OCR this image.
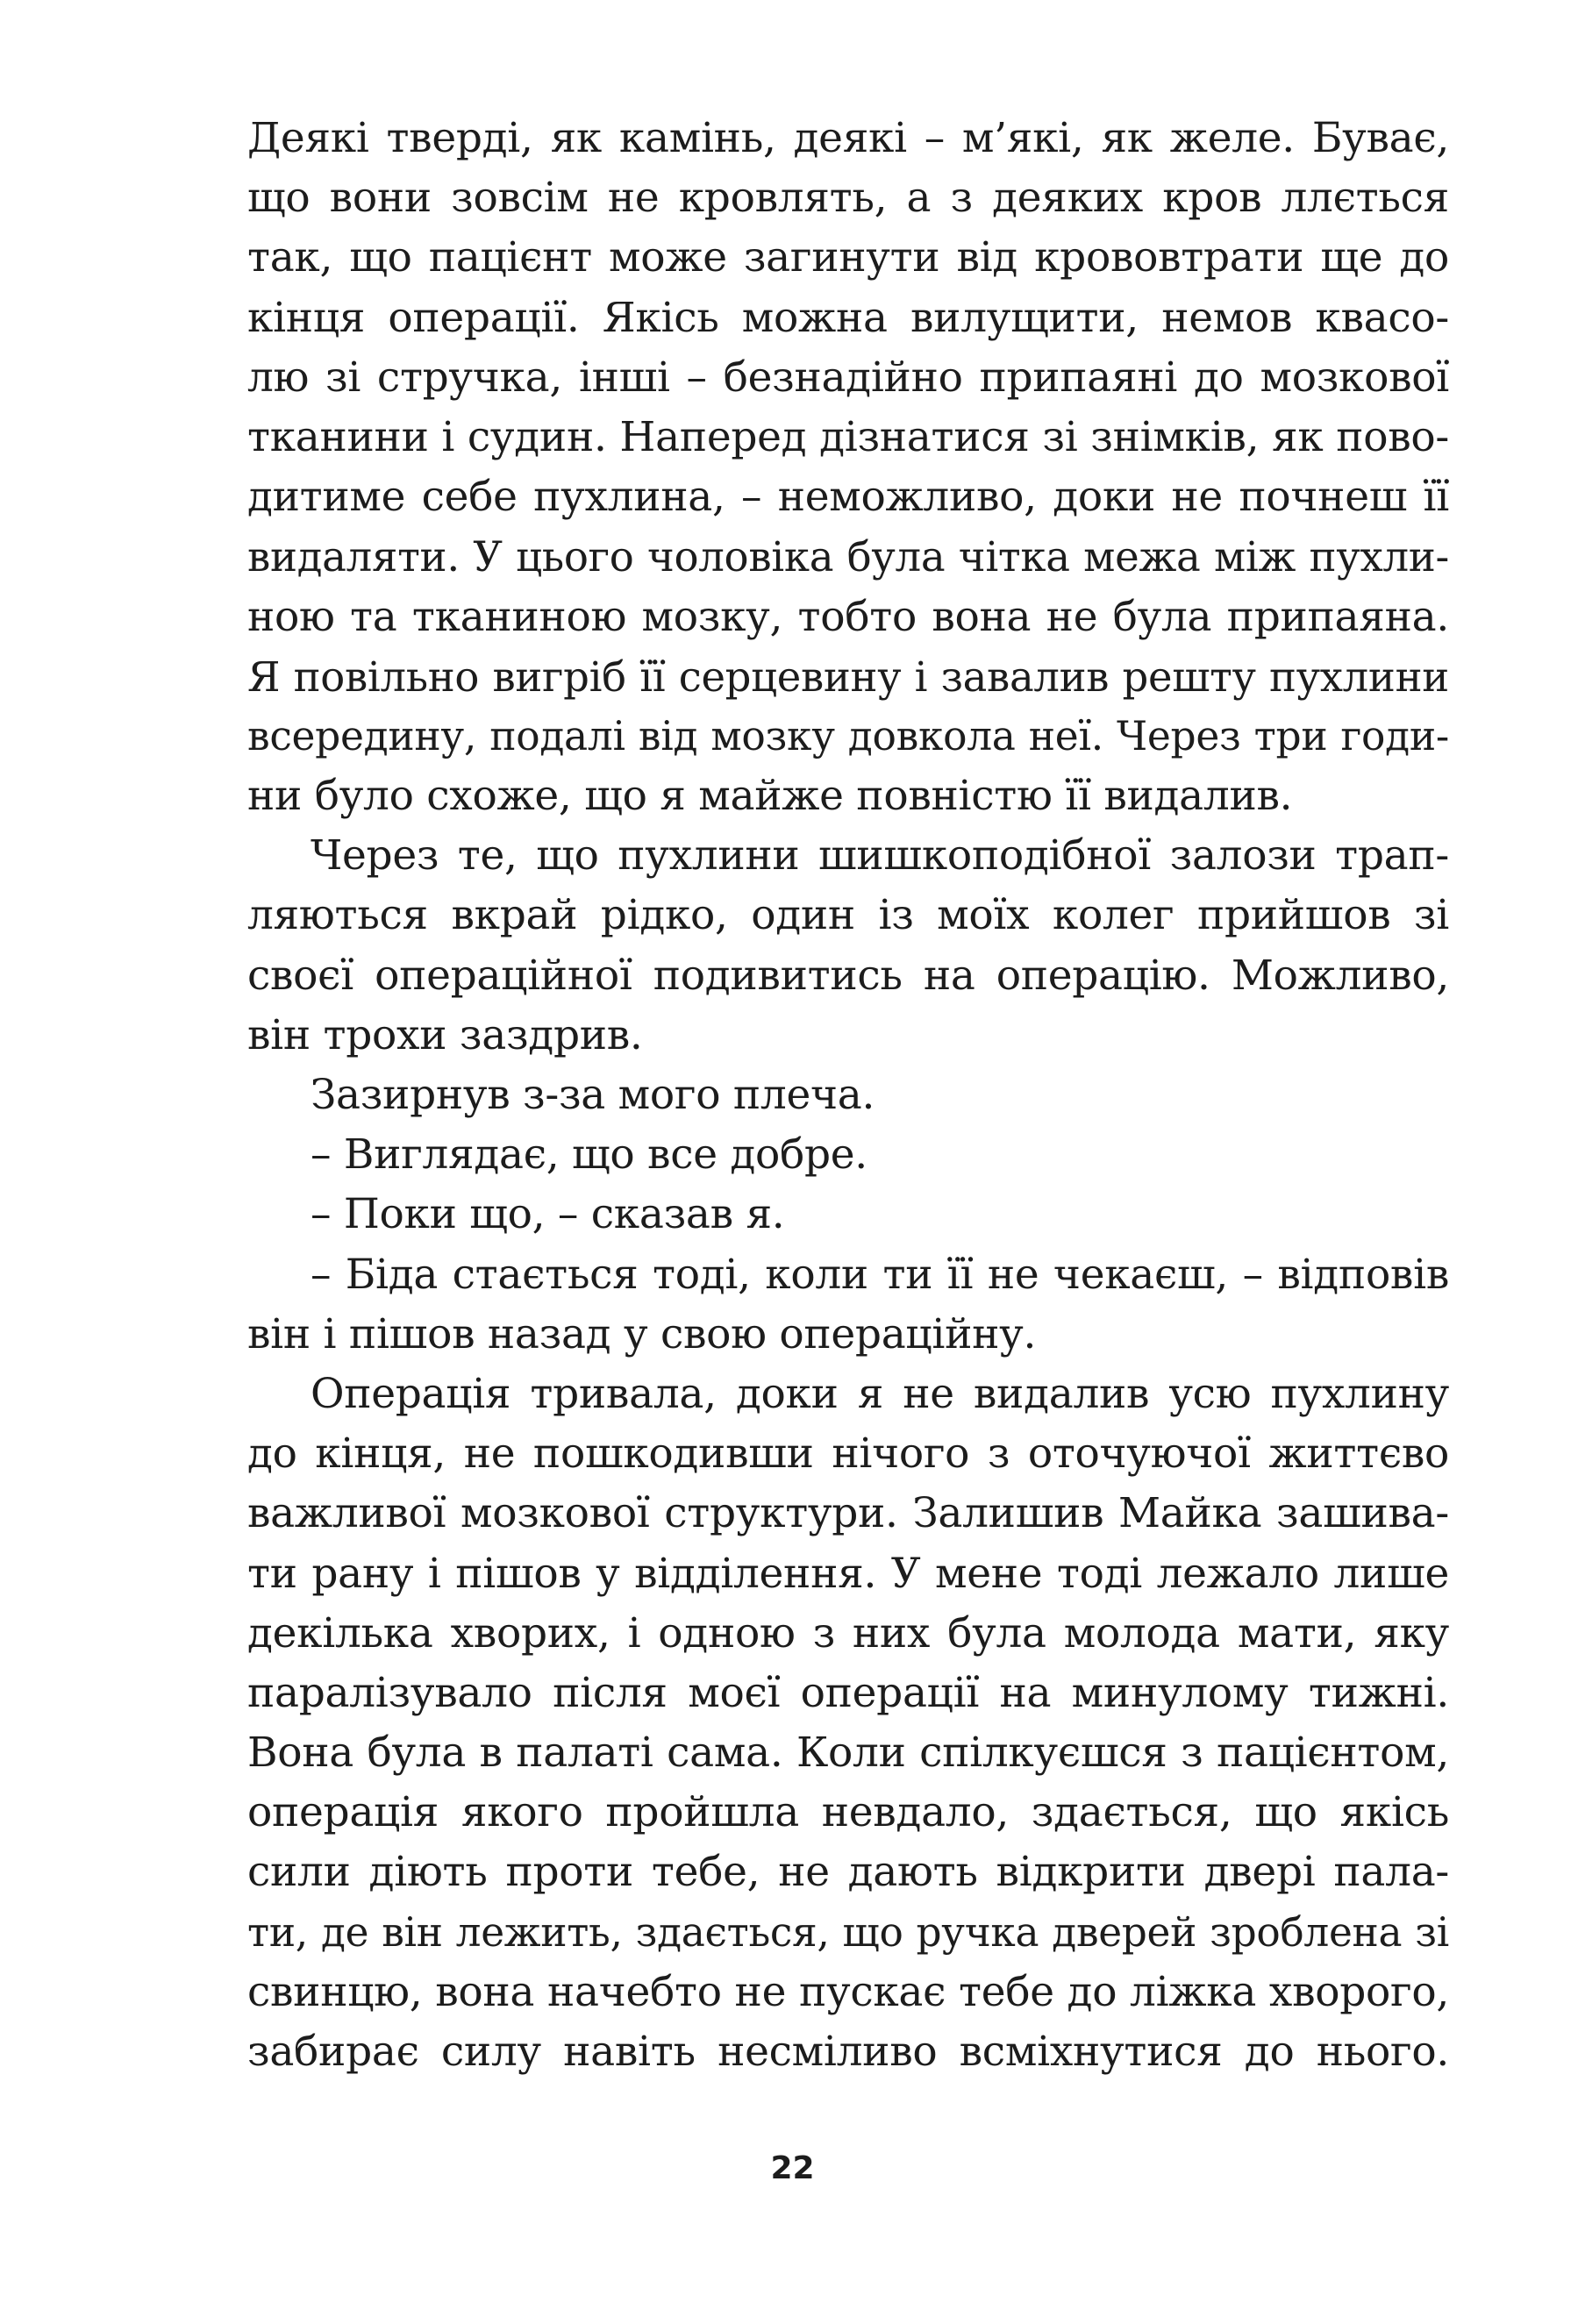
Деякі тверді, як камінь, деякі – м’які, як желе. Буває,
що вони зовсім не кровлять, а з деяких кров ллється
так, що пацієнт може загинути від крововтрати ще до
кінця операції. Якісь можна вилущити, немов квасо-
лю зі стручка, інші – безнадійно припаяні до мозкової
тканини і судин. Наперед дізнатися зі знімків, як пово-
дитиме себе пухлина, – неможливо, доки не почнеш її
видаляти. У цього чоловіка була чітка межа між пухли-
ною та тканиною мозку, тобто вона не була припаяна.
Я повільно вигріб її серцевину і завалив решту пухлини
всередину, подалі від мозку довкола неї. Через три годи-
ни було схоже, що я майже повністю її видалив.
Через те, що пухлини шишкоподібної залози трап-
ляються вкрай рідко, один із моїх колег прийшов зі
своєї операційної подивитись на операцію. Можливо,
він трохи заздрив.
Зазирнув з-за мого плеча.
– Виглядає, що все добре.
– Поки що, – сказав я.
– Біда стається тоді, коли ти її не чекаєш, – відповів
він і пішов назад у свою операційну.
Операція тривала, доки я не видалив усю пухлину
до кінця, не пошкодивши нічого з оточуючої життєво
важливої мозкової структури. Залишив Майка зашива-
ти рану і пішов у відділення. У мене тоді лежало лише
декілька хворих, і одною з них була молода мати, яку
паралізувало після моєї операції на минулому тижні.
Вона була в палаті сама. Коли спілкуєшся з пацієнтом,
операція якого пройшла невдало, здається, що якісь
сили діють проти тебе, не дають відкрити двері пала-
ти, де він лежить, здається, що ручка дверей зроблена зі
свинцю, вона начебто не пускає тебе до ліжка хворого,
забирає силу навіть несміливо всміхнутися до нього.
22
